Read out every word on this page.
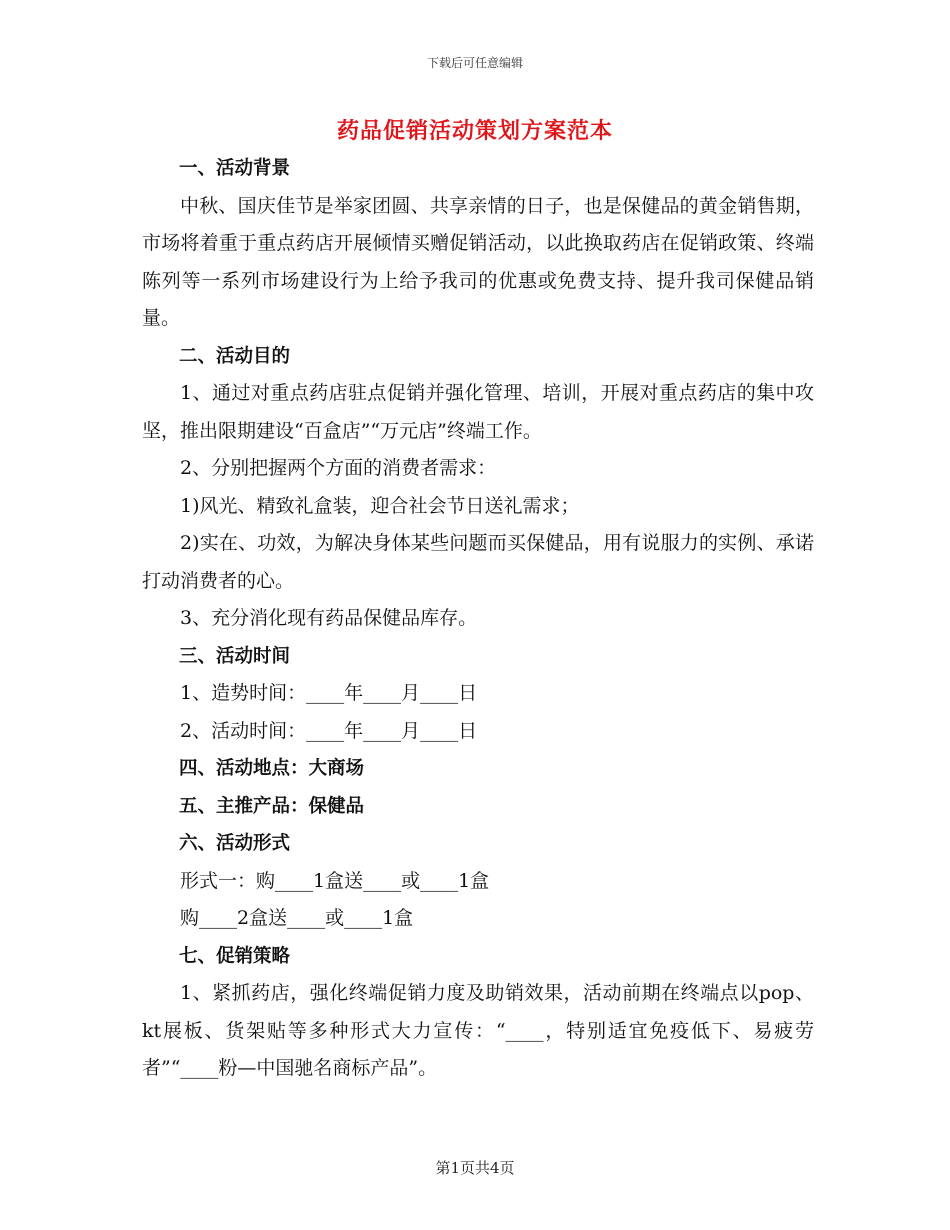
下载后可任意编辑
药品促销活动策划方案范本

一、活动背景

中秋、国庆佳节是举家团圆、共享亲情的日子，也是保健品的黄金销售期，市场将着重于重点药店开展倾情买赠促销活动，以此换取药店在促销政策、终端陈列等一系列市场建设行为上给予我司的优惠或免费支持、提升我司保健品销量。

二、活动目的

1、通过对重点药店驻点促销并强化管理、培训，开展对重点药店的集中攻坚，推出限期建设“百盒店”“万元店”终端工作。

2、分别把握两个方面的消费者需求：

1)风光、精致礼盒装，迎合社会节日送礼需求；

2)实在、功效，为解决身体某些问题而买保健品，用有说服力的实例、承诺打动消费者的心。

3、充分消化现有药品保健品库存。

三、活动时间

1、造势时间：____年____月____日

2、活动时间：____年____月____日

四、活动地点：大商场

五、主推产品：保健品

六、活动形式

形式一：购____1盒送____或____1盒

购____2盒送____或____1盒

七、促销策略

1、紧抓药店，强化终端促销力度及助销效果，活动前期在终端点以pop、kt展板、货架贴等多种形式大力宣传：“____，特别适宜免疫低下、易疲劳者”“____粉—中国驰名商标产品”。

第1页共4页
